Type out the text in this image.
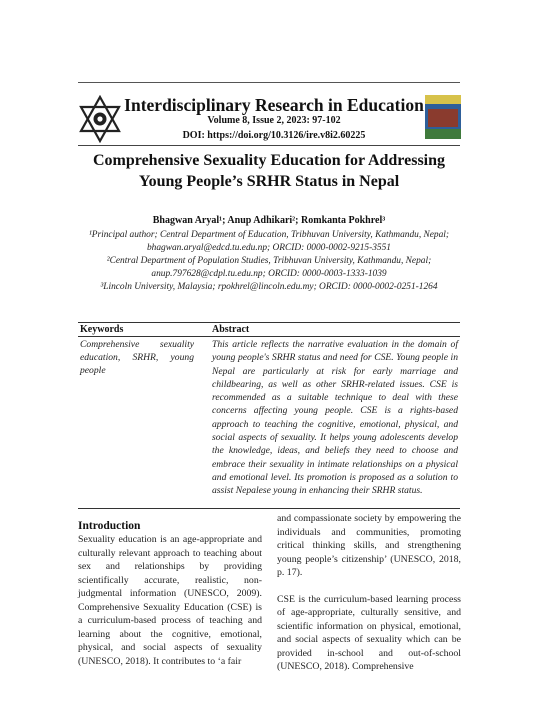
Interdisciplinary Research in Education
Volume 8, Issue 2, 2023: 97-102
DOI: https://doi.org/10.3126/ire.v8i2.60225
Comprehensive Sexuality Education for Addressing
Young People’s SRHR Status in Nepal
Bhagwan Aryal¹; Anup Adhikari²; Romkanta Pokhrel³
¹Principal author; Central Department of Education, Tribhuvan University, Kathmandu, Nepal; bhagwan.aryal@edcd.tu.edu.np; ORCID: 0000-0002-9215-3551
²Central Department of Population Studies, Tribhuvan University, Kathmandu, Nepal; anup.797628@cdpl.tu.edu.np; ORCID: 0000-0003-1333-1039
³Lincoln University, Malaysia; rpokhrel@lincoln.edu.my; ORCID: 0000-0002-0251-1264
Keywords	Abstract
Comprehensive sexuality education, SRHR, young people
This article reflects the narrative evaluation in the domain of young people's SRHR status and need for CSE. Young people in Nepal are particularly at risk for early marriage and childbearing, as well as other SRHR-related issues. CSE is recommended as a suitable technique to deal with these concerns affecting young people. CSE is a rights-based approach to teaching the cognitive, emotional, physical, and social aspects of sexuality. It helps young adolescents develop the knowledge, ideas, and beliefs they need to choose and embrace their sexuality in intimate relationships on a physical and emotional level. Its promotion is proposed as a solution to assist Nepalese young in enhancing their SRHR status.
Introduction

Sexuality education is an age-appropriate and culturally relevant approach to teaching about sex and relationships by providing scientifically accurate, realistic, non-judgmental information (UNESCO, 2009). Comprehensive Sexuality Education (CSE) is a curriculum-based process of teaching and learning about the cognitive, emotional, physical, and social aspects of sexuality (UNESCO, 2018). It contributes to ‘a fair

and compassionate society by empowering the individuals and communities, promoting critical thinking skills, and strengthening young people’s citizenship’ (UNESCO, 2018, p. 17).

CSE is the curriculum-based learning process of age-appropriate, culturally sensitive, and scientific information on physical, emotional, and social aspects of sexuality which can be provided in-school and out-of-school (UNESCO, 2018). Comprehensive
